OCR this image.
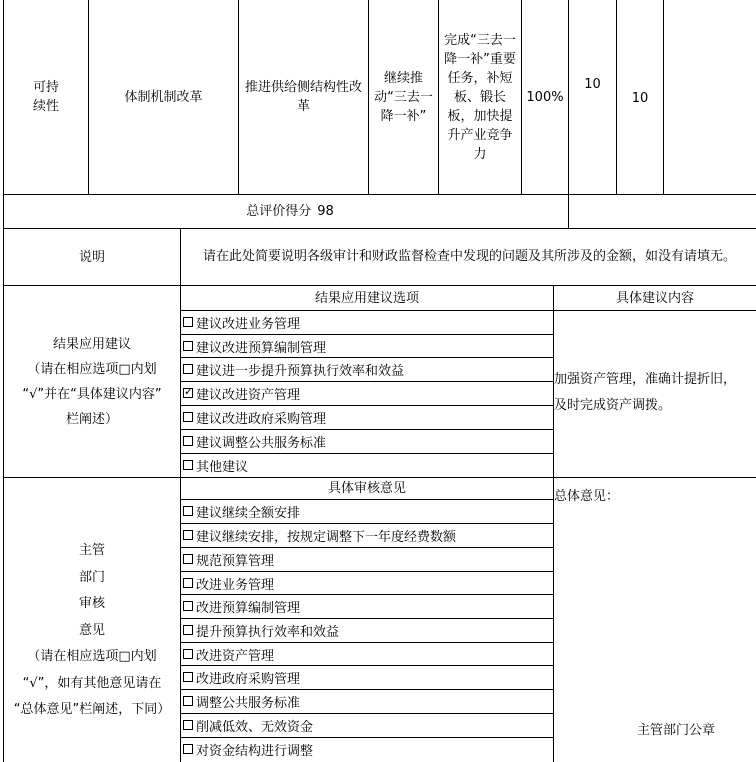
可持
续性
体制机制改革
推进供给侧结构性改革
继续推动“三去一降一补”
完成“三去一降一补”重要任务，补短板、锻长板，加快提升产业竞争力
100%
10
10
总评价得分 98
说明	请在此处简要说明各级审计和财政监督检查中发现的问题及其所涉及的金额，如没有请填无。
结果应用建议
（请在相应选项□内划
“√”并在“具体建议内容”
栏阐述）
结果应用建议选项	具体建议内容
建议改进业务管理
建议改进预算编制管理
建议进一步提升预算执行效率和效益
✓
建议改进资产管理
建议改进政府采购管理
建议调整公共服务标准
其他建议
加强资产管理，准确计提折旧，
及时完成资产调拨。
主管
部门
审核
意见
（请在相应选项□内划
“√”，如有其他意见请在
“总体意见”栏阐述，下同）
具体审核意见
建议继续全额安排
建议继续安排，按规定调整下一年度经费数额
规范预算管理
改进业务管理
改进预算编制管理
提升预算执行效率和效益
改进资产管理
改进政府采购管理
调整公共服务标准
削减低效、无效资金
对资金结构进行调整
总体意见：
主管部门公章
